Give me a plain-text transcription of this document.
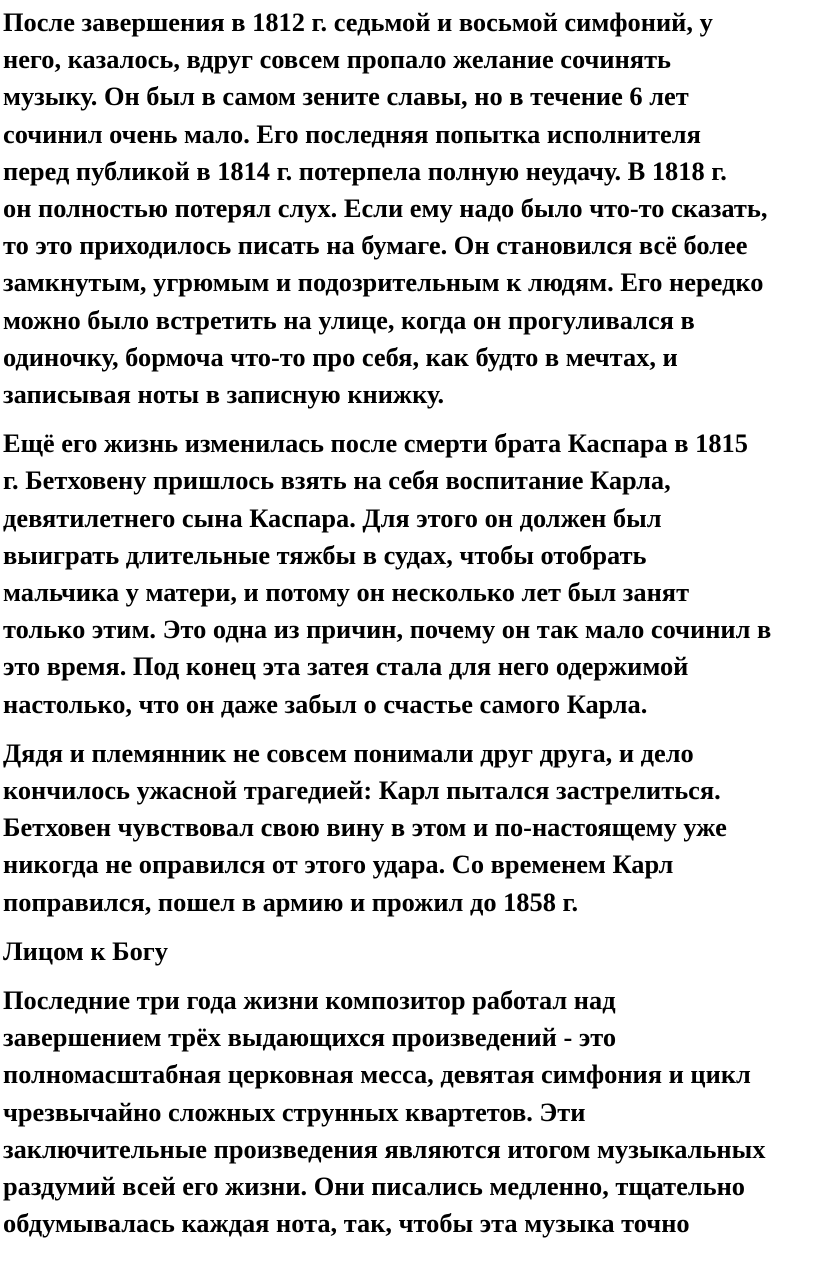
После завершения в 1812 г. седьмой и восьмой симфоний, у
него, казалось, вдруг совсем пропало желание сочинять
музыку. Он был в самом зените славы, но в течение 6 лет
сочинил очень мало. Его последняя попытка исполнителя
перед публикой в 1814 г. потерпела полную неудачу. В 1818 г.
он полностью потерял слух. Если ему надо было что-то сказать,
то это приходилось писать на бумаге. Он становился всё более
замкнутым, угрюмым и подозрительным к людям. Его нередко
можно было встретить на улице, когда он прогуливался в
одиночку, бормоча что-то про себя, как будто в мечтах, и
записывая ноты в записную книжку.

Ещё его жизнь изменилась после смерти брата Каспара в 1815
г. Бетховену пришлось взять на себя воспитание Карла,
девятилетнего сына Каспара. Для этого он должен был
выиграть длительные тяжбы в судах, чтобы отобрать
мальчика у матери, и потому он несколько лет был занят
только этим. Это одна из причин, почему он так мало сочинил в
это время. Под конец эта затея стала для него одержимой
настолько, что он даже забыл о счастье самого Карла.

Дядя и племянник не совсем понимали друг друга, и дело
кончилось ужасной трагедией: Карл пытался застрелиться.
Бетховен чувствовал свою вину в этом и по-настоящему уже
никогда не оправился от этого удара. Со временем Карл
поправился, пошел в армию и прожил до 1858 г.

Лицом к Богу

Последние три года жизни композитор работал над
завершением трёх выдающихся произведений - это
полномасштабная церковная месса, девятая симфония и цикл
чрезвычайно сложных струнных квартетов. Эти
заключительные произведения являются итогом музыкальных
раздумий всей его жизни. Они писались медленно, тщательно
обдумывалась каждая нота, так, чтобы эта музыка точно
